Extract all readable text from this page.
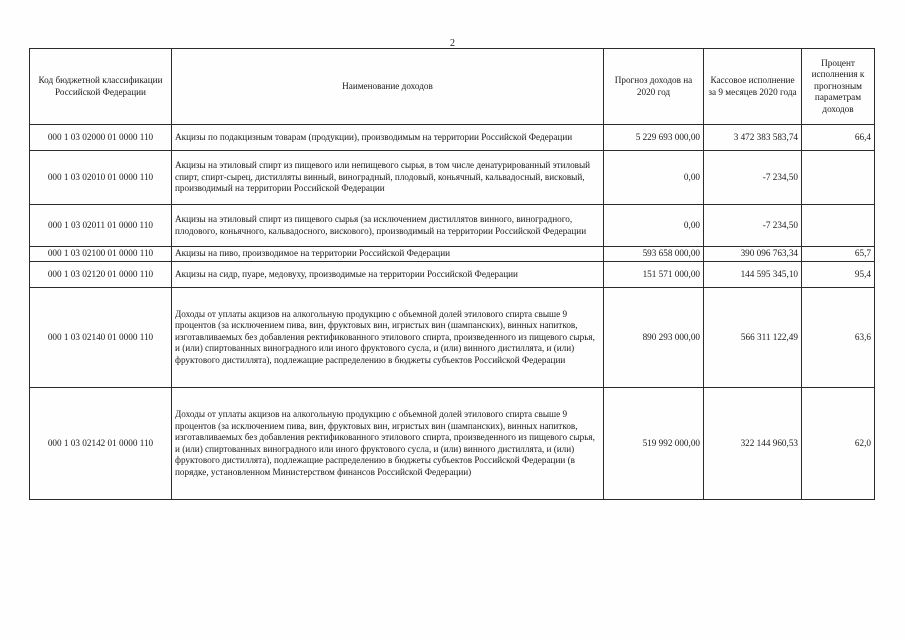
2
Код бюджетной классификации Российской Федерации	Наименование доходов	Прогноз доходов на 2020 год	Кассовое исполнение за 9 месяцев 2020 года	Процент исполнения к прогнозным параметрам доходов
000 1 03 02000 01 0000 110	Акцизы по подакцизным товарам (продукции), производимым на территории Российской Федерации	5 229 693 000,00	3 472 383 583,74	66,4
000 1 03 02010 01 0000 110	Акцизы на этиловый спирт из пищевого или непищевого сырья, в том числе денатурированный этиловый спирт, спирт-сырец, дистилляты винный, виноградный, плодовый, коньячный, кальвадосный, висковый, производимый на территории Российской Федерации	0,00	-7 234,50	
000 1 03 02011 01 0000 110	Акцизы на этиловый спирт из пищевого сырья (за исключением дистиллятов винного, виноградного, плодового, коньячного, кальвадосного, вискового), производимый на территории Российской Федерации	0,00	-7 234,50	
000 1 03 02100 01 0000 110	Акцизы на пиво, производимое на территории Российской Федерации	593 658 000,00	390 096 763,34	65,7
000 1 03 02120 01 0000 110	Акцизы на сидр, пуаре, медовуху, производимые на территории Российской Федерации	151 571 000,00	144 595 345,10	95,4
000 1 03 02140 01 0000 110	Доходы от уплаты акцизов на алкогольную продукцию с объемной долей этилового спирта свыше 9 процентов (за исключением пива, вин, фруктовых вин, игристых вин (шампанских), винных напитков, изготавливаемых без добавления ректификованного этилового спирта, произведенного из пищевого сырья, и (или) спиртованных виноградного или иного фруктового сусла, и (или) винного дистиллята, и (или) фруктового дистиллята), подлежащие распределению в бюджеты субъектов Российской Федерации	890 293 000,00	566 311 122,49	63,6
000 1 03 02142 01 0000 110	Доходы от уплаты акцизов на алкогольную продукцию с объемной долей этилового спирта свыше 9 процентов (за исключением пива, вин, фруктовых вин, игристых вин (шампанских), винных напитков, изготавливаемых без добавления ректификованного этилового спирта, произведенного из пищевого сырья, и (или) спиртованных виноградного или иного фруктового сусла, и (или) винного дистиллята, и (или) фруктового дистиллята), подлежащие распределению в бюджеты субъектов Российской Федерации (в порядке, установленном Министерством финансов Российской Федерации)	519 992 000,00	322 144 960,53	62,0
